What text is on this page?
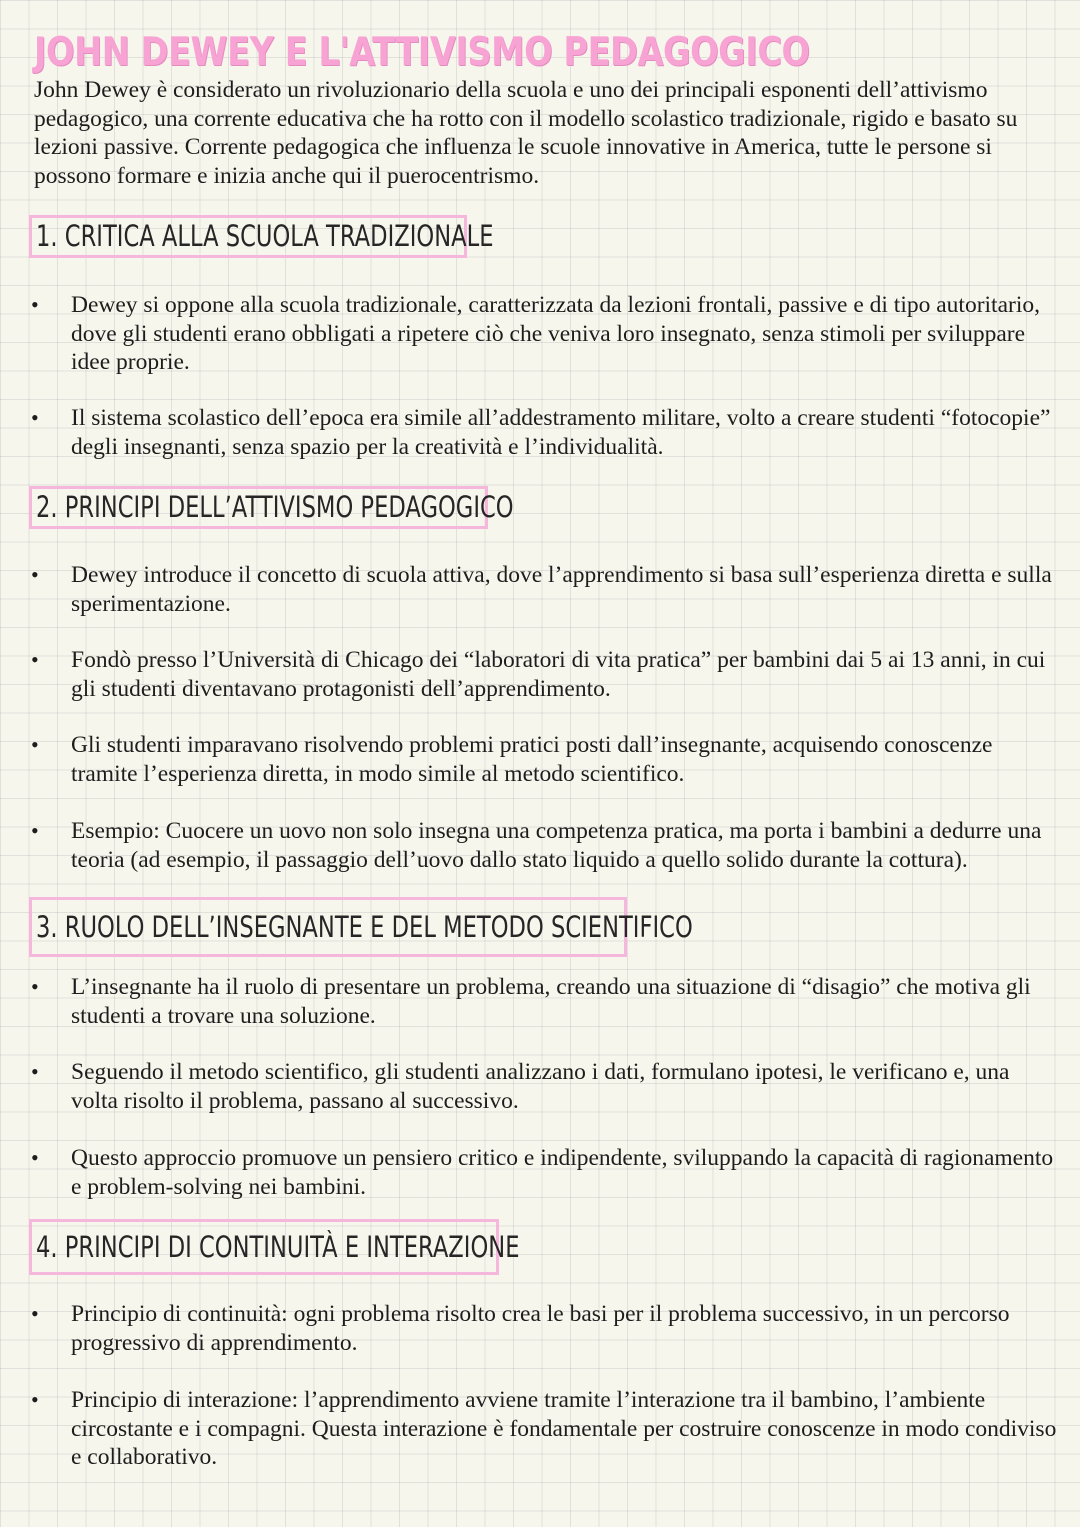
JOHN DEWEY E L'ATTIVISMO PEDAGOGICO

John Dewey è considerato un rivoluzionario della scuola e uno dei principali esponenti dell’attivismo pedagogico, una corrente educativa che ha rotto con il modello scolastico tradizionale, rigido e basato su lezioni passive. Corrente pedagogica che influenza le scuole innovative in America, tutte le persone si possono formare e inizia anche qui il puerocentrismo.

1. CRITICA ALLA SCUOLA TRADIZIONALE
• Dewey si oppone alla scuola tradizionale, caratterizzata da lezioni frontali, passive e di tipo autoritario, dove gli studenti erano obbligati a ripetere ciò che veniva loro insegnato, senza stimoli per sviluppare idee proprie.
• Il sistema scolastico dell’epoca era simile all’addestramento militare, volto a creare studenti “fotocopie” degli insegnanti, senza spazio per la creatività e l’individualità.
2. PRINCIPI DELL’ATTIVISMO PEDAGOGICO
• Dewey introduce il concetto di scuola attiva, dove l’apprendimento si basa sull’esperienza diretta e sulla sperimentazione.
• Fondò presso l’Università di Chicago dei “laboratori di vita pratica” per bambini dai 5 ai 13 anni, in cui gli studenti diventavano protagonisti dell’apprendimento.
• Gli studenti imparavano risolvendo problemi pratici posti dall’insegnante, acquisendo conoscenze tramite l’esperienza diretta, in modo simile al metodo scientifico.
• Esempio: Cuocere un uovo non solo insegna una competenza pratica, ma porta i bambini a dedurre una teoria (ad esempio, il passaggio dell’uovo dallo stato liquido a quello solido durante la cottura).
3. RUOLO DELL’INSEGNANTE E DEL METODO SCIENTIFICO
• L’insegnante ha il ruolo di presentare un problema, creando una situazione di “disagio” che motiva gli studenti a trovare una soluzione.
• Seguendo il metodo scientifico, gli studenti analizzano i dati, formulano ipotesi, le verificano e, una volta risolto il problema, passano al successivo.
• Questo approccio promuove un pensiero critico e indipendente, sviluppando la capacità di ragionamento e problem-solving nei bambini.
4. PRINCIPI DI CONTINUITÀ E INTERAZIONE
• Principio di continuità: ogni problema risolto crea le basi per il problema successivo, in un percorso progressivo di apprendimento.
• Principio di interazione: l’apprendimento avviene tramite l’interazione tra il bambino, l’ambiente circostante e i compagni. Questa interazione è fondamentale per costruire conoscenze in modo condiviso e collaborativo.
